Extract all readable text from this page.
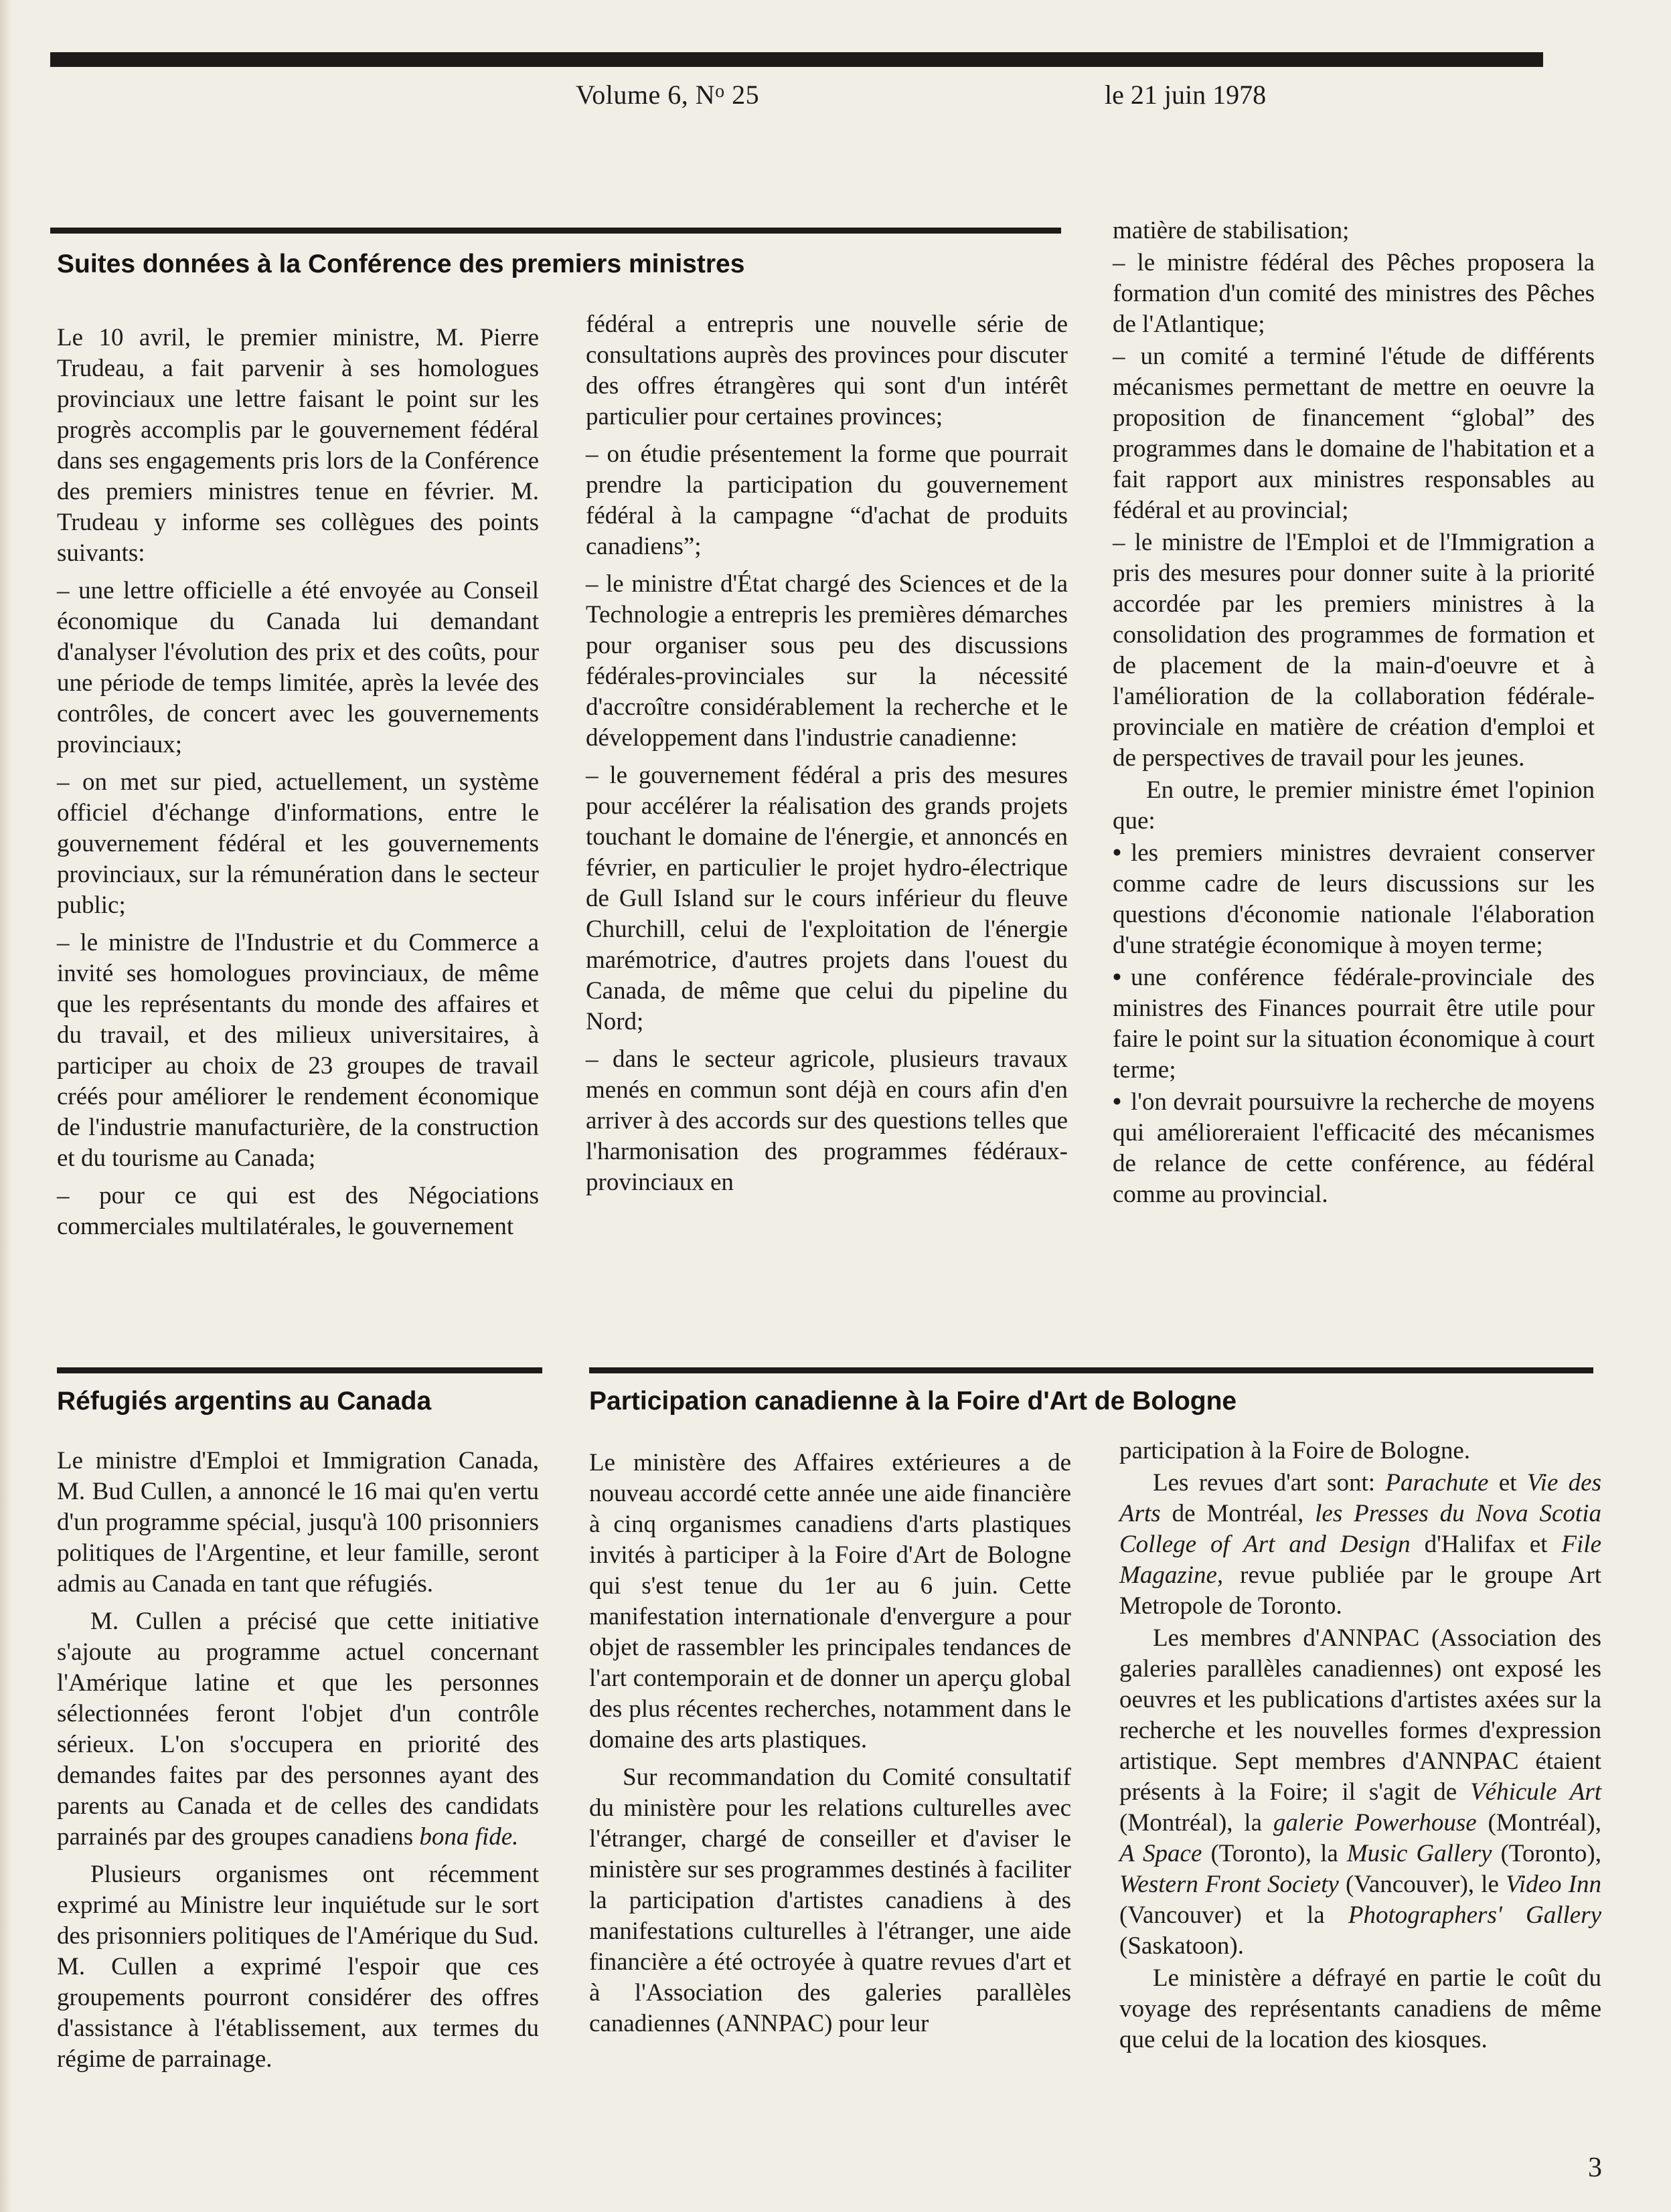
Volume 6, $N^o$ 25	le 21 juin 1978
Suites données à la Conférence des premiers ministres

Le 10 avril, le premier ministre, M. Pierre Trudeau, a fait parvenir à ses homologues provinciaux une lettre faisant le point sur les progrès accomplis par le gouvernement fédéral dans ses engagements pris lors de la Conférence des premiers ministres tenue en février. M. Trudeau y informe ses collègues des points suivants:

– une lettre officielle a été envoyée au Conseil économique du Canada lui demandant d'analyser l'évolution des prix et des coûts, pour une période de temps limitée, après la levée des contrôles, de concert avec les gouvernements provinciaux;

– on met sur pied, actuellement, un système officiel d'échange d'informations, entre le gouvernement fédéral et les gouvernements provinciaux, sur la rémunération dans le secteur public;

– le ministre de l'Industrie et du Commerce a invité ses homologues provinciaux, de même que les représentants du monde des affaires et du travail, et des milieux universitaires, à participer au choix de 23 groupes de travail créés pour améliorer le rendement économique de l'industrie manufacturière, de la construction et du tourisme au Canada;

– pour ce qui est des Négociations commerciales multilatérales, le gouvernement

fédéral a entrepris une nouvelle série de consultations auprès des provinces pour discuter des offres étrangères qui sont d'un intérêt particulier pour certaines provinces;

– on étudie présentement la forme que pourrait prendre la participation du gouvernement fédéral à la campagne “d'achat de produits canadiens”;

– le ministre d'État chargé des Sciences et de la Technologie a entrepris les premières démarches pour organiser sous peu des discussions fédérales-provinciales sur la nécessité d'accroître considérablement la recherche et le développement dans l'industrie canadienne:

– le gouvernement fédéral a pris des mesures pour accélérer la réalisation des grands projets touchant le domaine de l'énergie, et annoncés en février, en particulier le projet hydro-électrique de Gull Island sur le cours inférieur du fleuve Churchill, celui de l'exploitation de l'énergie marémotrice, d'autres projets dans l'ouest du Canada, de même que celui du pipeline du Nord;

– dans le secteur agricole, plusieurs travaux menés en commun sont déjà en cours afin d'en arriver à des accords sur des questions telles que l'harmonisation des programmes fédéraux-provinciaux en

matière de stabilisation;

– le ministre fédéral des Pêches proposera la formation d'un comité des ministres des Pêches de l'Atlantique;

– un comité a terminé l'étude de différents mécanismes permettant de mettre en oeuvre la proposition de financement “global” des programmes dans le domaine de l'habitation et a fait rapport aux ministres responsables au fédéral et au provincial;

– le ministre de l'Emploi et de l'Immigration a pris des mesures pour donner suite à la priorité accordée par les premiers ministres à la consolidation des programmes de formation et de placement de la main-d'oeuvre et à l'amélioration de la collaboration fédérale-provinciale en matière de création d'emploi et de perspectives de travail pour les jeunes.

En outre, le premier ministre émet l'opinion que:

• les premiers ministres devraient conserver comme cadre de leurs discussions sur les questions d'économie nationale l'élaboration d'une stratégie économique à moyen terme;

• une conférence fédérale-provinciale des ministres des Finances pourrait être utile pour faire le point sur la situation économique à court terme;

• l'on devrait poursuivre la recherche de moyens qui amélioreraient l'efficacité des mécanismes de relance de cette conférence, au fédéral comme au provincial.

Réfugiés argentins au Canada

Le ministre d'Emploi et Immigration Canada, M. Bud Cullen, a annoncé le 16 mai qu'en vertu d'un programme spécial, jusqu'à 100 prisonniers politiques de l'Argentine, et leur famille, seront admis au Canada en tant que réfugiés.

M. Cullen a précisé que cette initiative s'ajoute au programme actuel concernant l'Amérique latine et que les personnes sélectionnées feront l'objet d'un contrôle sérieux. L'on s'occupera en priorité des demandes faites par des personnes ayant des parents au Canada et de celles des candidats parrainés par des groupes canadiens bona fide.

Plusieurs organismes ont récemment exprimé au Ministre leur inquiétude sur le sort des prisonniers politiques de l'Amérique du Sud. M. Cullen a exprimé l'espoir que ces groupements pourront considérer des offres d'assistance à l'établissement, aux termes du régime de parrainage.

Participation canadienne à la Foire d'Art de Bologne

Le ministère des Affaires extérieures a de nouveau accordé cette année une aide financière à cinq organismes canadiens d'arts plastiques invités à participer à la Foire d'Art de Bologne qui s'est tenue du 1er au 6 juin. Cette manifestation internationale d'envergure a pour objet de rassembler les principales tendances de l'art contemporain et de donner un aperçu global des plus récentes recherches, notamment dans le domaine des arts plastiques.

Sur recommandation du Comité consultatif du ministère pour les relations culturelles avec l'étranger, chargé de conseiller et d'aviser le ministère sur ses programmes destinés à faciliter la participation d'artistes canadiens à des manifestations culturelles à l'étranger, une aide financière a été octroyée à quatre revues d'art et à l'Association des galeries parallèles canadiennes (ANNPAC) pour leur

participation à la Foire de Bologne.

Les revues d'art sont: Parachute et Vie des Arts de Montréal, les Presses du Nova Scotia College of Art and Design d'Halifax et File Magazine, revue publiée par le groupe Art Metropole de Toronto.

Les membres d'ANNPAC (Association des galeries parallèles canadiennes) ont exposé les oeuvres et les publications d'artistes axées sur la recherche et les nouvelles formes d'expression artistique. Sept membres d'ANNPAC étaient présents à la Foire; il s'agit de Véhicule Art (Montréal), la galerie Powerhouse (Montréal), A Space (Toronto), la Music Gallery (Toronto), Western Front Society (Vancouver), le Video Inn (Vancouver) et la Photographers' Gallery (Saskatoon).

Le ministère a défrayé en partie le coût du voyage des représentants canadiens de même que celui de la location des kiosques.

3
